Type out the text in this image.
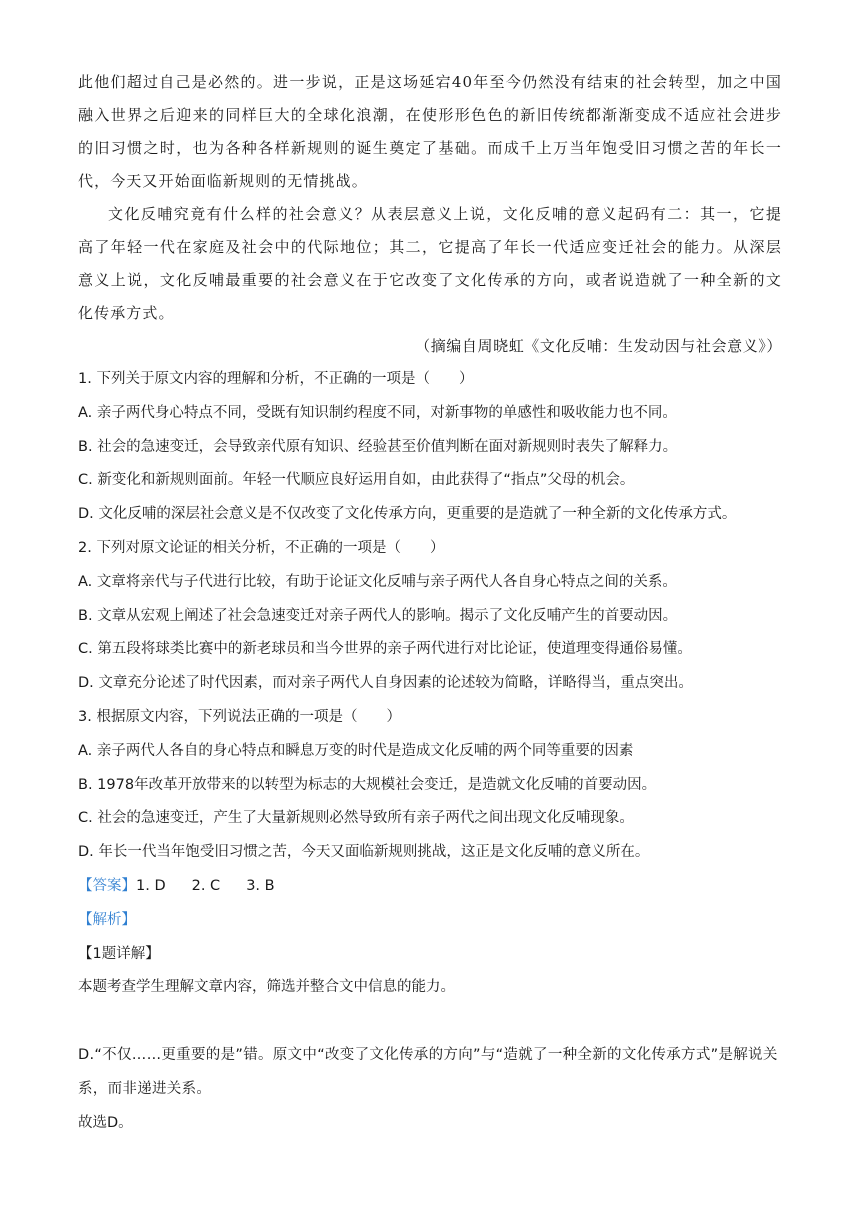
此他们超过自己是必然的。进一步说，正是这场延宕40年至今仍然没有结束的社会转型，加之中国融入世界之后迎来的同样巨大的全球化浪潮，在使形形色色的新旧传统都渐渐变成不适应社会进步的旧习惯之时，也为各种各样新规则的诞生奠定了基础。而成千上万当年饱受旧习惯之苦的年长一代，今天又开始面临新规则的无情挑战。

文化反哺究竟有什么样的社会意义？从表层意义上说，文化反哺的意义起码有二：其一，它提高了年轻一代在家庭及社会中的代际地位；其二，它提高了年长一代适应变迁社会的能力。从深层意义上说，文化反哺最重要的社会意义在于它改变了文化传承的方向，或者说造就了一种全新的文化传承方式。

（摘编自周晓虹《文化反哺：生发动因与社会意义》）

1. 下列关于原文内容的理解和分析，不正确的一项是（　　）

A. 亲子两代身心特点不同，受既有知识制约程度不同，对新事物的单感性和吸收能力也不同。

B. 社会的急速变迁，会导致亲代原有知识、经验甚至价值判断在面对新规则时表失了解释力。

C. 新变化和新规则面前。年轻一代顺应良好运用自如，由此获得了“指点”父母的机会。

D. 文化反哺的深层社会意义是不仅改变了文化传承方向，更重要的是造就了一种全新的文化传承方式。

2. 下列对原文论证的相关分析，不正确的一项是（　　）

A. 文章将亲代与子代进行比较，有助于论证文化反哺与亲子两代人各自身心特点之间的关系。

B. 文章从宏观上阐述了社会急速变迁对亲子两代人的影响。揭示了文化反哺产生的首要动因。

C. 第五段将球类比赛中的新老球员和当今世界的亲子两代进行对比论证，使道理变得通俗易懂。

D. 文章充分论述了时代因素，而对亲子两代人自身因素的论述较为简略，详略得当，重点突出。

3. 根据原文内容，下列说法正确的一项是（　　）

A. 亲子两代人各自的身心特点和瞬息万变的时代是造成文化反哺的两个同等重要的因素

B. 1978年改革开放带来的以转型为标志的大规模社会变迁，是造就文化反哺的首要动因。

C. 社会的急速变迁，产生了大量新规则必然导致所有亲子两代之间出现文化反哺现象。

D. 年长一代当年饱受旧习惯之苦，今天又面临新规则挑战，这正是文化反哺的意义所在。

【答案】1. D 2. C 3. B

【解析】

【1题详解】

本题考查学生理解文章内容，筛选并整合文中信息的能力。

D.“不仅……更重要的是”错。原文中“改变了文化传承的方向”与“造就了一种全新的文化传承方式”是解说关系，而非递进关系。

故选D。
